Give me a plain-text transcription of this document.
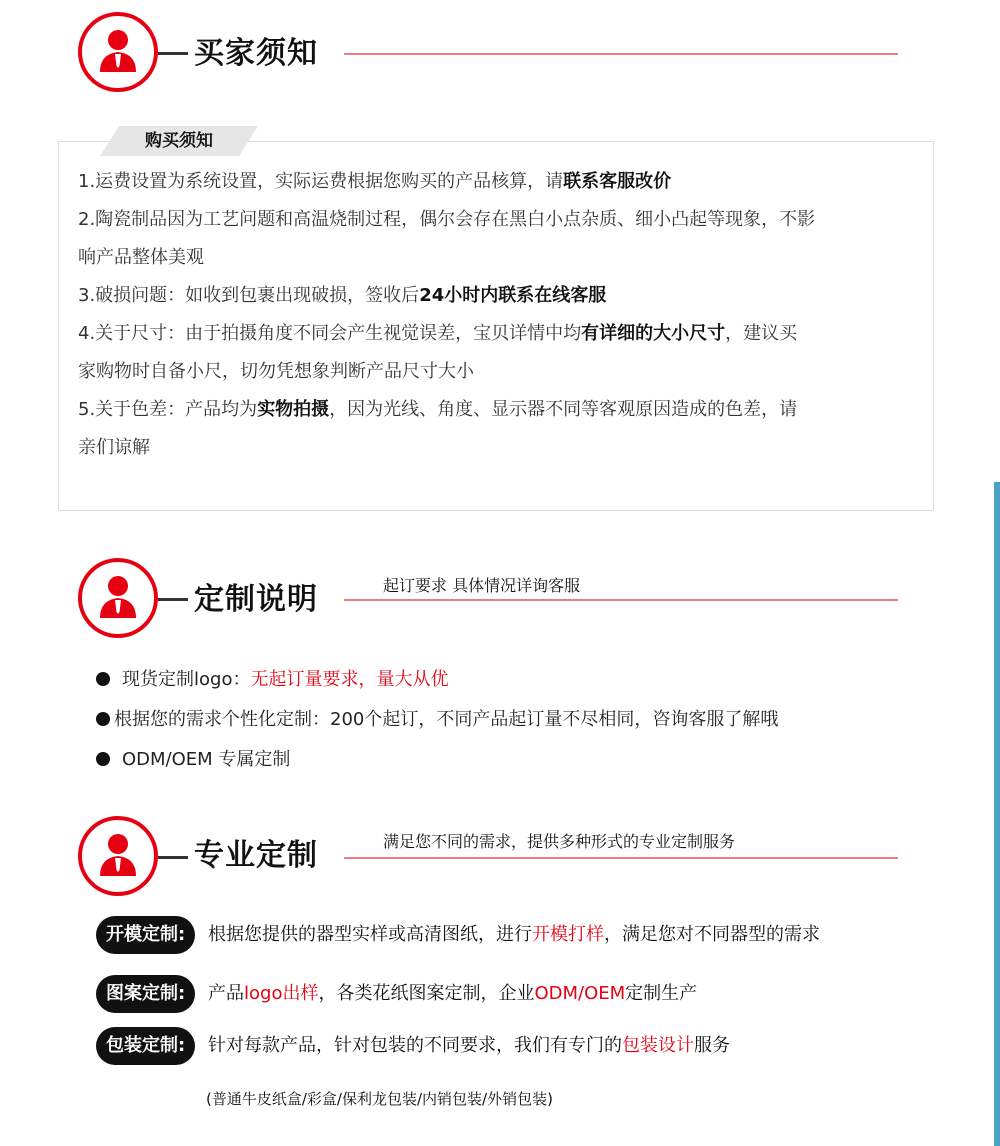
买家须知
购买须知
1.运费设置为系统设置，实际运费根据您购买的产品核算，请联系客服改价
2.陶瓷制品因为工艺问题和高温烧制过程，偶尔会存在黑白小点杂质、细小凸起等现象，不影
响产品整体美观
3.破损问题：如收到包裹出现破损，签收后24小时内联系在线客服
4.关于尺寸：由于拍摄角度不同会产生视觉误差，宝贝详情中均有详细的大小尺寸，建议买
家购物时自备小尺，切勿凭想象判断产品尺寸大小
5.关于色差：产品均为实物拍摄，因为光线、角度、显示器不同等客观原因造成的色差，请
亲们谅解
定制说明	起订要求 具体情况详询客服
现货定制logo：无起订量要求，量大从优
根据您的需求个性化定制：200个起订，不同产品起订量不尽相同，咨询客服了解哦
ODM/OEM 专属定制
专业定制	满足您不同的需求，提供多种形式的专业定制服务
开模定制:	根据您提供的器型实样或高清图纸，进行开模打样，满足您对不同器型的需求
图案定制:	产品logo出样，各类花纸图案定制，企业ODM/OEM定制生产
包装定制:	针对每款产品，针对包装的不同要求，我们有专门的包装设计服务
(普通牛皮纸盒/彩盒/保利龙包装/内销包装/外销包装)
